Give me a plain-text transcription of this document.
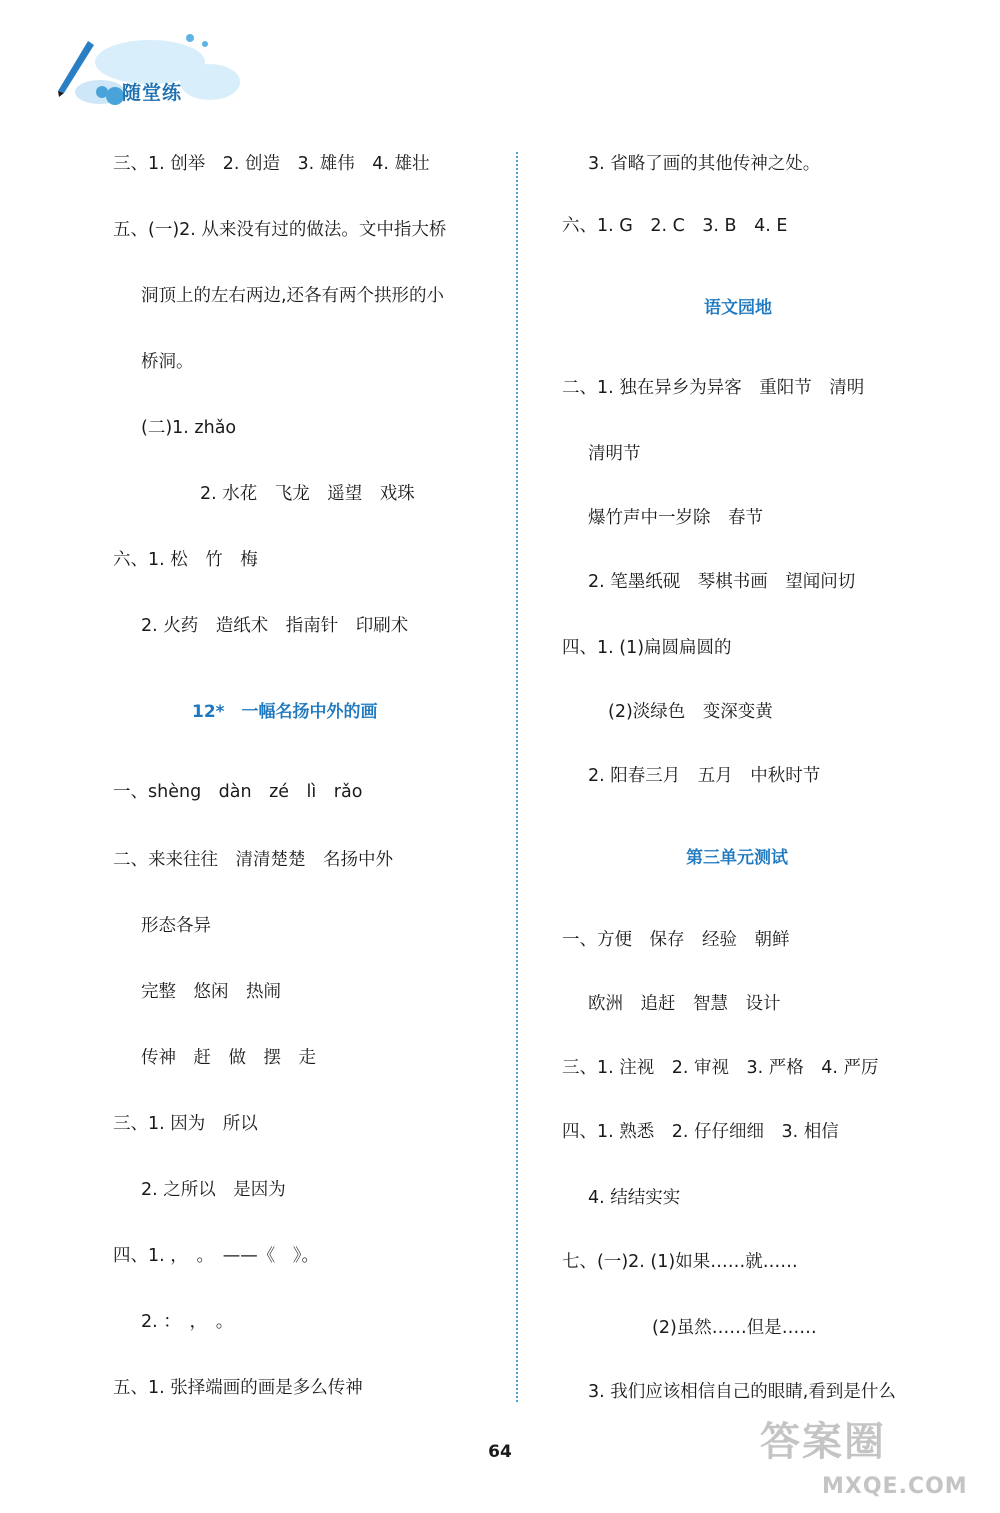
随堂练
三、1. 创举　2. 创造　3. 雄伟　4. 雄壮
五、(一)2. 从来没有过的做法。文中指大桥
洞顶上的左右两边,还各有两个拱形的小
桥洞。
(二)1. zhǎo
2. 水花　飞龙　遥望　戏珠
六、1. 松　竹　梅
2. 火药　造纸术　指南针　印刷术
二、来来往往　清清楚楚　名扬中外
形态各异
完整　悠闲　热闹
传神　赶　做　摆　走
三、1. 因为　所以
2. 之所以　是因为
四、1. ，　。　——《　》。
2. ：　，　。
五、1. 张择端画的画是多么传神
12*　一幅名扬中外的画
一、shèng　dàn　zé　lì　rǎo
3. 省略了画的其他传神之处。
六、1. G　2. C　3. B　4. E
二、1. 独在异乡为异客　重阳节　清明
清明节
爆竹声中一岁除　春节
2. 笔墨纸砚　琴棋书画　望闻问切
四、1. (1)扁圆扁圆的
(2)淡绿色　变深变黄
2. 阳春三月　五月　中秋时节
一、方便　保存　经验　朝鲜
欧洲　追赶　智慧　设计
三、1. 注视　2. 审视　3. 严格　4. 严厉
四、1. 熟悉　2. 仔仔细细　3. 相信
4. 结结实实
七、(一)2. (1)如果……就……
(2)虽然……但是……
3. 我们应该相信自己的眼睛,看到是什么
语文园地
第三单元测试
64	答案圈
MXQE.COM
